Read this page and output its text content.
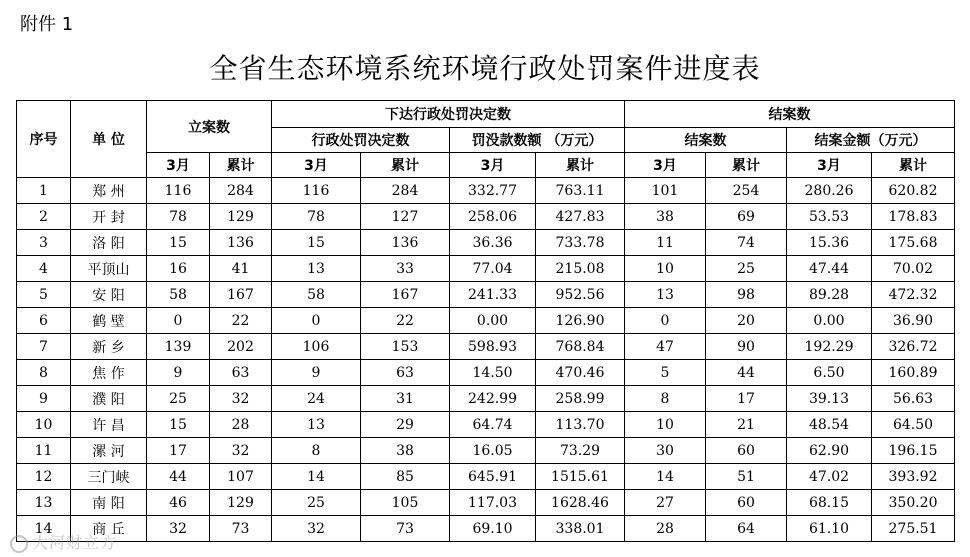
附件 1
全省生态环境系统环境行政处罚案件进度表
序号	单 位	立案数		下达行政处罚决定数				结案数			
				行政处罚决定数		罚没款数额 （万元）		结案数		结案金额（万元）	
		3月	累计	3月	累计	3月	累计	3月	累计	3月	累计
1	郑 州	116	284	116	284	332.77	763.11	101	254	280.26	620.82
2	开 封	78	129	78	127	258.06	427.83	38	69	53.53	178.83
3	洛 阳	15	136	15	136	36.36	733.78	11	74	15.36	175.68
4	平顶山	16	41	13	33	77.04	215.08	10	25	47.44	70.02
5	安 阳	58	167	58	167	241.33	952.56	13	98	89.28	472.32
6	鹤 壁	0	22	0	22	0.00	126.90	0	20	0.00	36.90
7	新 乡	139	202	106	153	598.93	768.84	47	90	192.29	326.72
8	焦 作	9	63	9	63	14.50	470.46	5	44	6.50	160.89
9	濮 阳	25	32	24	31	242.99	258.99	8	17	39.13	56.63
10	许 昌	15	28	13	29	64.74	113.70	10	21	48.54	64.50
11	漯 河	17	32	8	38	16.05	73.29	30	60	62.90	196.15
12	三门峡	44	107	14	85	645.91	1515.61	14	51	47.02	393.92
13	南 阳	46	129	25	105	117.03	1628.46	27	60	68.15	350.20
14	商 丘	32	73	32	73	69.10	338.01	28	64	61.10	275.51
大河财立方
